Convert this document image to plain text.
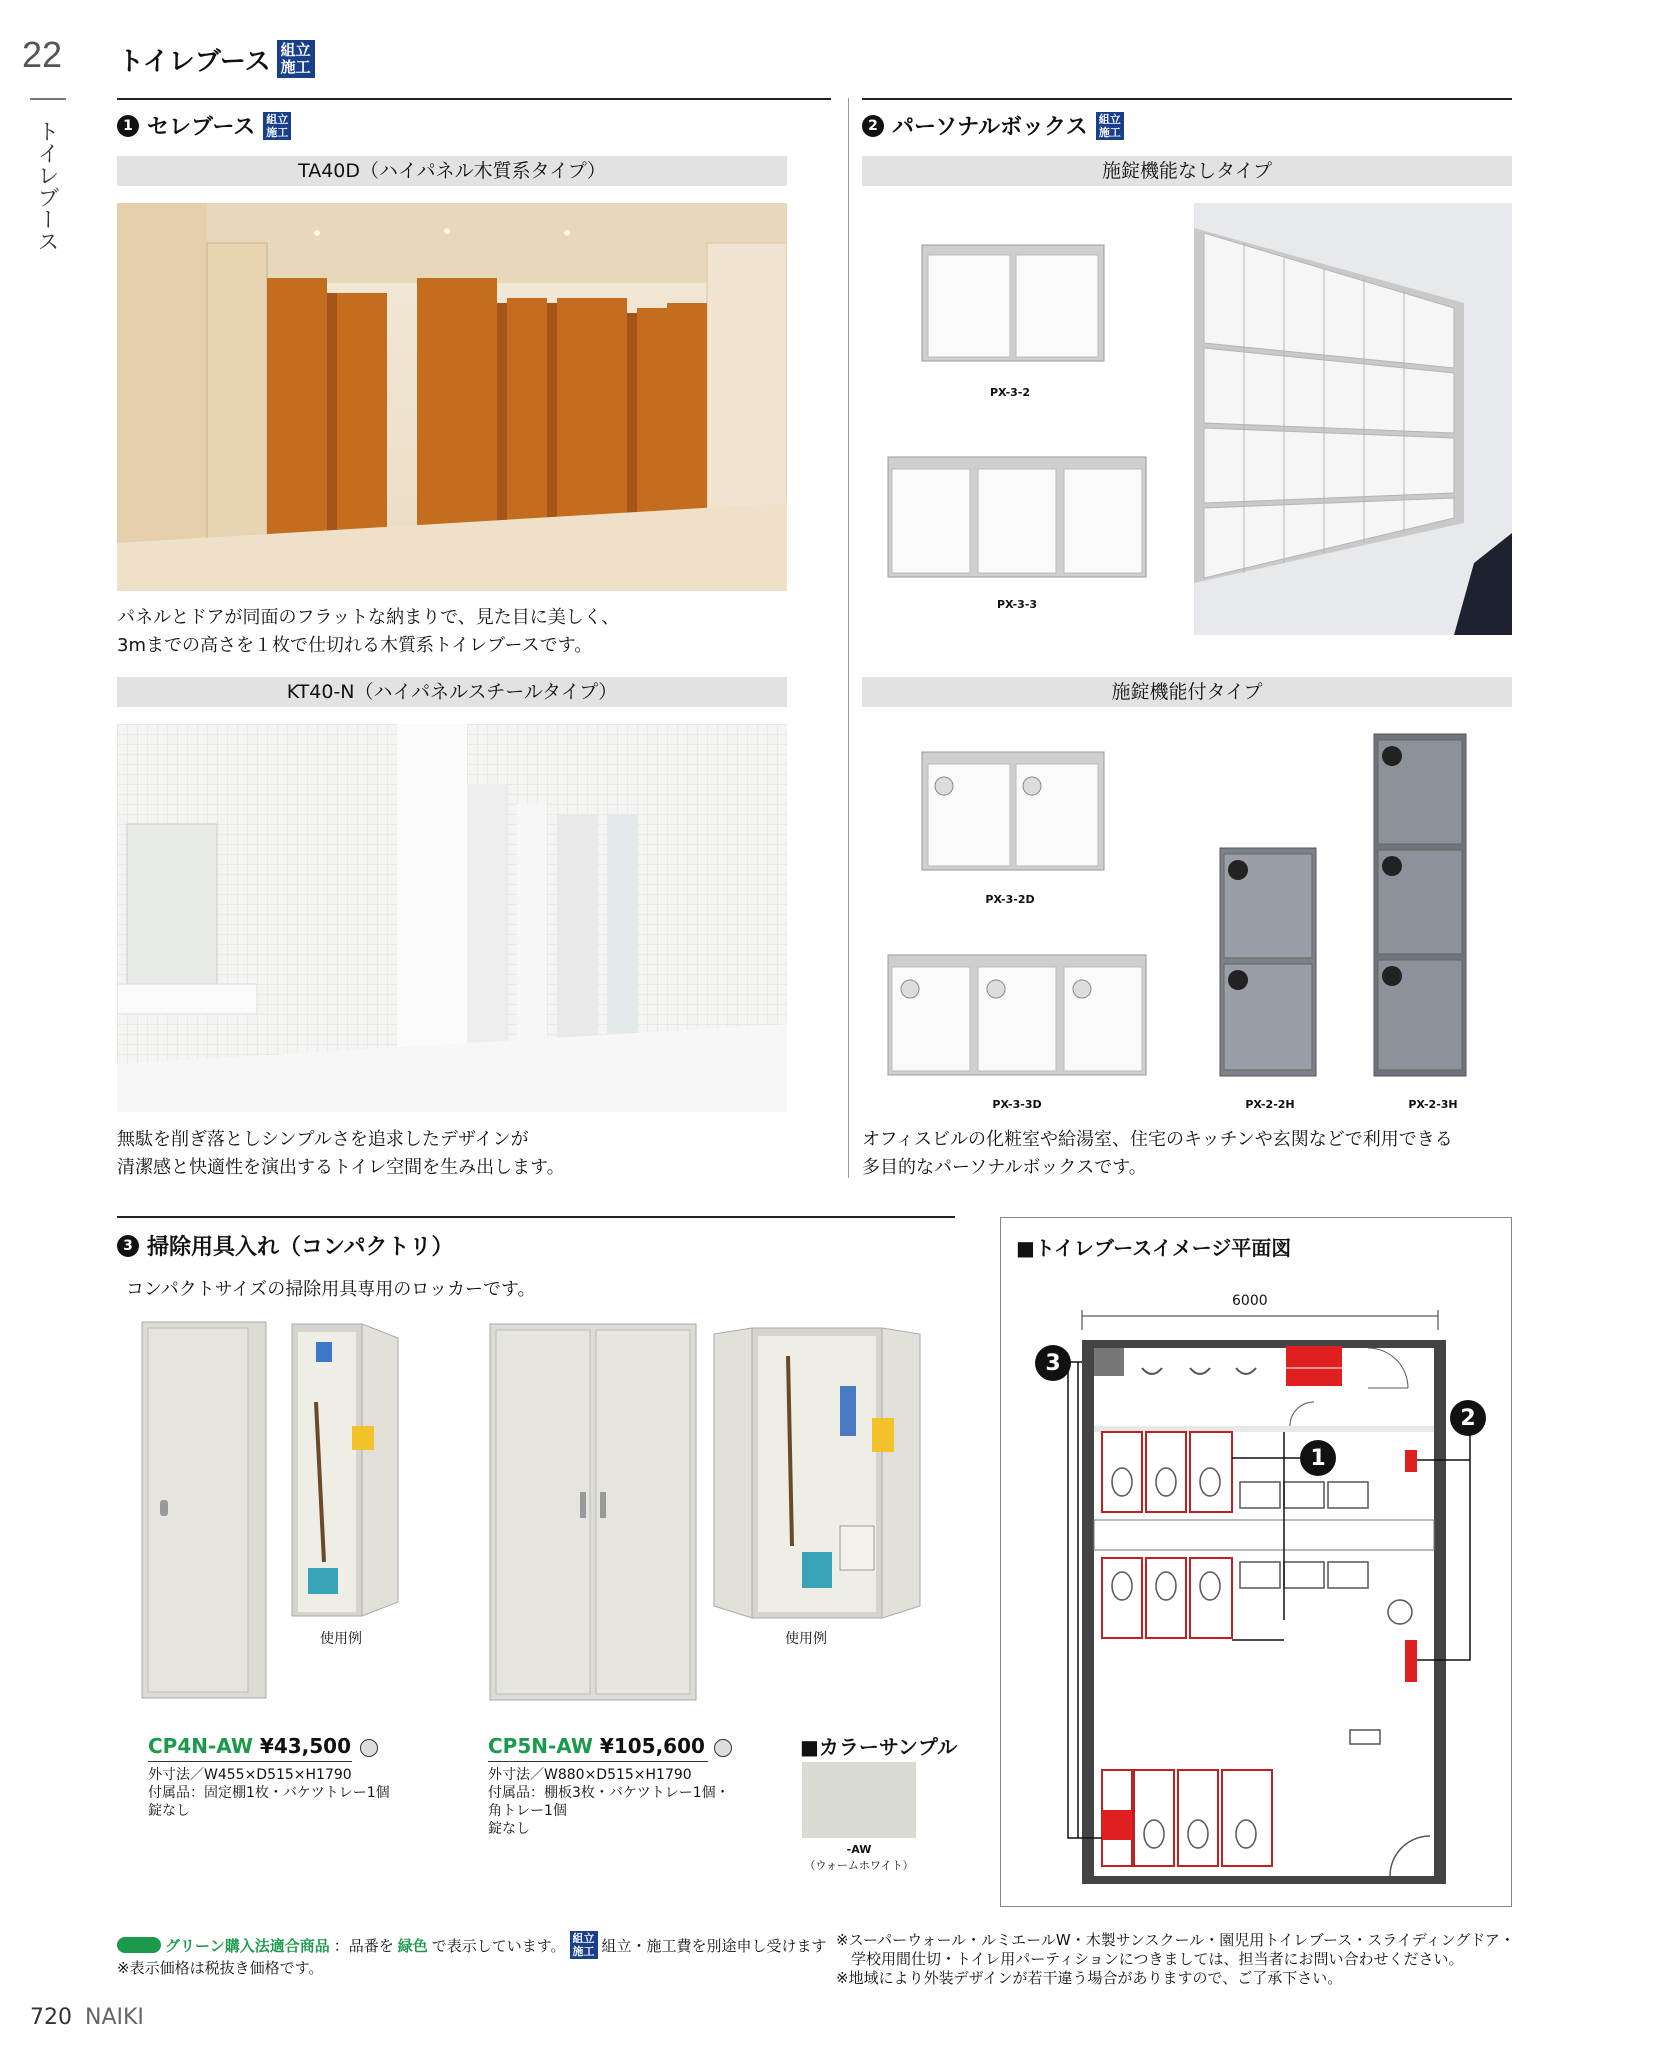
22 トイレブース 組立施工
トイレブース	1 セレブース 組立施工
TA40D（ハイパネル木質系タイプ）
パネルとドアが同面のフラットな納まりで、見た目に美しく、
3mまでの高さを１枚で仕切れる木質系トイレブースです。
KT40-N（ハイパネルスチールタイプ）
無駄を削ぎ落としシンプルさを追求したデザインが
清潔感と快適性を演出するトイレ空間を生み出します。
2 パーソナルボックス 組立施工
施錠機能なしタイプ
PX-3-2
PX-3-3
施錠機能付タイプ
PX-3-2D
PX-3-3D	PX-2-2H	PX-2-3H
オフィスビルの化粧室や給湯室、住宅のキッチンや玄関などで利用できる
多目的なパーソナルボックスです。
3 掃除用具入れ（コンパクトリ）
コンパクトサイズの掃除用具専用のロッカーです。
使用例	使用例
CP4N-AW ¥43,500
外寸法／W455×D515×H1790
付属品：固定棚1枚・バケツトレー1個
錠なし
CP5N-AW ¥105,600
外寸法／W880×D515×H1790
付属品：棚板3枚・バケツトレー1個・
角トレー1個
錠なし
■カラーサンプル
-AW
（ウォームホワイト）
■トイレブースイメージ平面図
6000
3
2
1
グリーン購入法適合商品 ：品番を 緑色 で表示しています。 組立施工 組立・施工費を別途申し受けます
※表示価格は税抜き価格です。
※スーパーウォール・ルミエールW・木製サンスクール・園児用トイレブース・スライディングドア・
学校用間仕切・トイレ用パーティションにつきましては、担当者にお問い合わせください。
※地域により外装デザインが若干違う場合がありますので、ご了承下さい。
720 NAIKI
